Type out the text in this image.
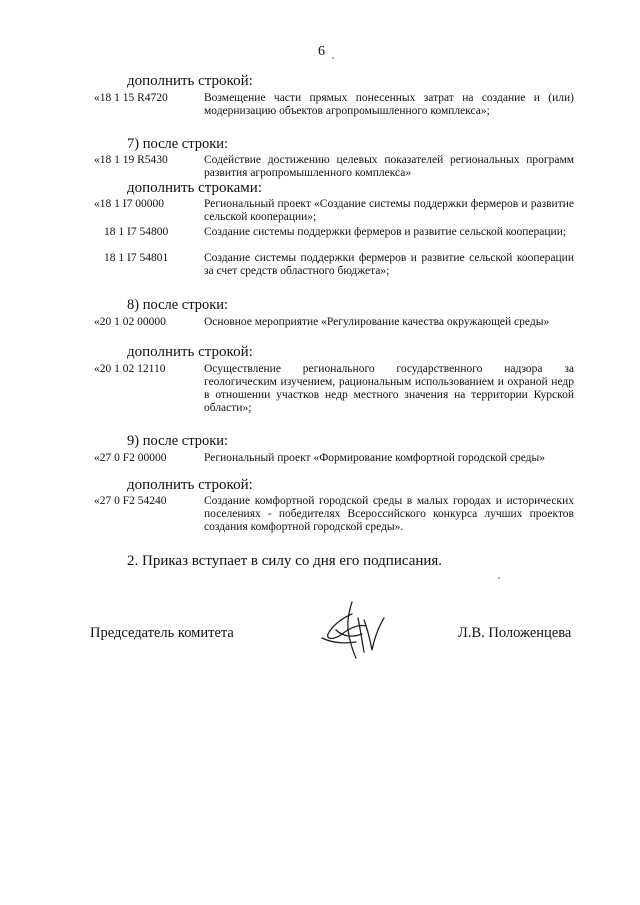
6
дополнить строкой:
«18 1 15 R4720	Возмещение части прямых понесенных затрат на создание и (или) модернизацию объектов агропромышленного комплекса»;
7) после строки:
«18 1 19 R5430	Содействие достижению целевых показателей региональных программ развития агропромышленного комплекса»
дополнить строками:
«18 1 I7 00000	Региональный проект «Создание системы поддержки фермеров и развитие сельской кооперации»;
18 1 I7 54800	Создание системы поддержки фермеров и развитие сельской кооперации;
18 1 I7 54801	Создание системы поддержки фермеров и развитие сельской кооперации за счет средств областного бюджета»;
8) после строки:
«20 1 02 00000	Основное мероприятие «Регулирование качества окружающей среды»
дополнить строкой:
«20 1 02 12110	Осуществление регионального государственного надзора за геологическим изучением, рациональным использованием и охраной недр в отношении участков недр местного значения на территории Курской области»;
9) после строки:
«27 0 F2 00000	Региональный проект «Формирование комфортной городской среды»
дополнить строкой:
«27 0 F2 54240	Создание комфортной городской среды в малых городах и исторических поселениях - победителях Всероссийского конкурса лучших проектов создания комфортной городской среды».
2. Приказ вступает в силу со дня его подписания.
Председатель комитета	Л.В. Положенцева
